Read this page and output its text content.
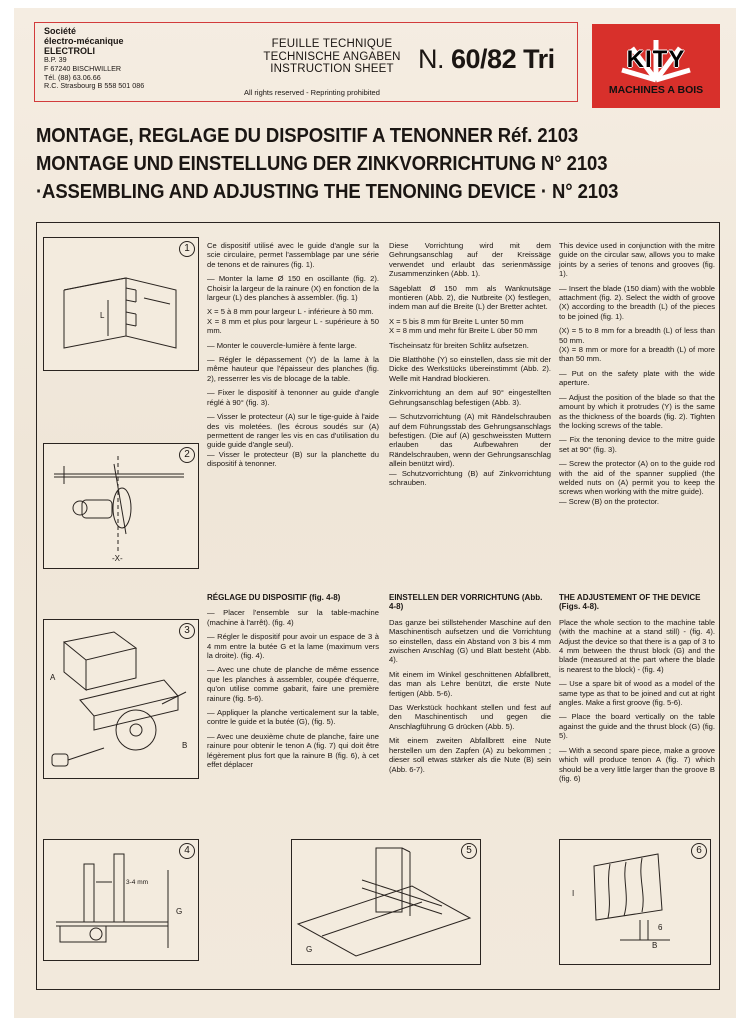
Société
électro-mécanique
ELECTROLI
B.P. 39
F 67240 BISCHWILLER
Tél. (88) 63.06.66
R.C. Strasbourg B 558 501 086
FEUILLE TECHNIQUE
TECHNISCHE ANGABEN
INSTRUCTION SHEET N. 60/82 Tri
All rights reserved - Reprinting prohibited
KITY
MACHINES A BOIS
MONTAGE, REGLAGE DU DISPOSITIF A TENONNER Réf. 2103
MONTAGE UND EINSTELLUNG DER ZINKVORRICHTUNG N° 2103
·ASSEMBLING AND ADJUSTING THE TENONING DEVICE · N° 2103
1
L
2
-X-
3
A
B
4
3-4 mm
G
5
G
6
I
B
6

Ce dispositif utilisé avec le guide d'angle sur la scie circulaire, permet l'assemblage par une série de tenons et de rainures (fig. 1).

— Monter la lame Ø 150 en oscillante (fig. 2). Choisir la largeur de la rainure (X) en fonction de la largeur (L) des planches à assembler. (fig. 1)

X = 5 à 8 mm pour largeur L - inférieure à 50 mm.

X = 8 mm et plus pour largeur L - supérieure à 50 mm.

— Monter le couvercle-lumière à fente large.

— Régler le dépassement (Y) de la lame à la même hauteur que l'épaisseur des planches (fig. 2), resserrer les vis de blocage de la table.

— Fixer le dispositif à tenonner au guide d'angle réglé à 90° (fig. 3).

— Visser le protecteur (A) sur le tige-guide à l'aide des vis moletées. (les écrous soudés sur (A) permettent de ranger les vis en cas d'utilisation du guide guide d'angle seul).

— Visser le protecteur (B) sur la planchette du dispositif à tenonner.

RÉGLAGE DU DISPOSITIF (fig. 4-8)

— Placer l'ensemble sur la table-machine (machine à l'arrêt). (fig. 4)

— Régler le dispositif pour avoir un espace de 3 à 4 mm entre la butée G et la lame (maximum vers la droite). (fig. 4).

— Avec une chute de planche de même essence que les planches à assembler, coupée d'équerre, qu'on utilise comme gabarit, faire une première rainure (fig. 5-6).

— Appliquer la planche verticalement sur la table, contre le guide et la butée (G), (fig. 5).

— Avec une deuxième chute de planche, faire une rainure pour obtenir le tenon A (fig. 7) qui doit être légèrement plus fort que la rainure B (fig. 6), à cet effet déplacer

Diese Vorrichtung wird mit dem Gehrungsanschlag auf der Kreissäge verwendet und erlaubt das serienmässige Zusammenzinken (Abb. 1).

Sägeblatt Ø 150 mm als Wanknutsäge montieren (Abb. 2), die Nutbreite (X) festlegen, indem man auf die Breite (L) der Bretter achtet.

X = 5 bis 8 mm für Breite L unter 50 mm

X = 8 mm und mehr für Breite L über 50 mm

Tischeinsatz für breiten Schlitz aufsetzen.

Die Blatthöhe (Y) so einstellen, dass sie mit der Dicke des Werkstücks übereinstimmt (Abb. 2). Welle mit Handrad blockieren.

Zinkvorrichtung an dem auf 90° eingestellten Gehrungsanschlag befestigen (Abb. 3).

— Schutzvorrichtung (A) mit Rändelschrauben auf dem Führungsstab des Gehrungsanschlags befestigen. (Die auf (A) geschweissten Muttern erlauben das Aufbewahren der Rändelschrauben, wenn der Gehrungsanschlag allein benützt wird).

— Schutzvorrichtung (B) auf Zinkvorrichtung schrauben.

EINSTELLEN DER VORRICHTUNG (Abb. 4-8)

Das ganze bei stillstehender Maschine auf den Maschinentisch aufsetzen und die Vorrichtung so einstellen, dass ein Abstand von 3 bis 4 mm zwischen Anschlag (G) und Blatt besteht (Abb. 4).

Mit einem im Winkel geschnittenen Abfallbrett, das man als Lehre benützt, die erste Nute fertigen (Abb. 5-6).

Das Werkstück hochkant stellen und fest auf den Maschinentisch und gegen die Anschlagführung G drücken (Abb. 5).

Mit einem zweiten Abfallbrett eine Nute herstellen um den Zapfen (A) zu bekommen ; dieser soll etwas stärker als die Nute (B) sein (Abb. 6-7).

This device used in conjunction with the mitre guide on the circular saw, allows you to make joints by a series of tenons and grooves (fig. 1).

— Insert the blade (150 diam) with the wobble attachment (fig. 2). Select the width of groove (X) according to the breadth (L) of the pieces to be joined (fig. 1).

(X) = 5 to 8 mm for a breadth (L) of less than 50 mm.

(X) = 8 mm or more for a breadth (L) of more than 50 mm.

— Put on the safety plate with the wide aperture.

— Adjust the position of the blade so that the amount by which it protrudes (Y) is the same as the thickness of the boards (fig. 2). Tighten the locking screws of the table.

— Fix the tenoning device to the mitre guide set at 90° (fig. 3).

— Screw the protector (A) on to the guide rod with the aid of the spanner supplied (the welded nuts on (A) permit you to keep the screws when working with the mitre guide).

— Screw (B) on the protector.

THE ADJUSTEMENT OF THE DEVICE (Figs. 4-8).

Place the whole section to the machine table (with the machine at a stand still) - (fig. 4). Adjust the device so that there is a gap of 3 to 4 mm between the thrust block (G) and the blade (measured at the part where the blade is nearest to the block) - (fig. 4)

— Use a spare bit of wood as a model of the same type as that to be joined and cut at right angles. Make a first groove (fig. 5-6).

— Place the board vertically on the table against the guide and the thrust block (G) (fig. 5).

— With a second spare piece, make a groove which will produce tenon A (fig. 7) which should be a very little larger than the groove B (fig. 6)
